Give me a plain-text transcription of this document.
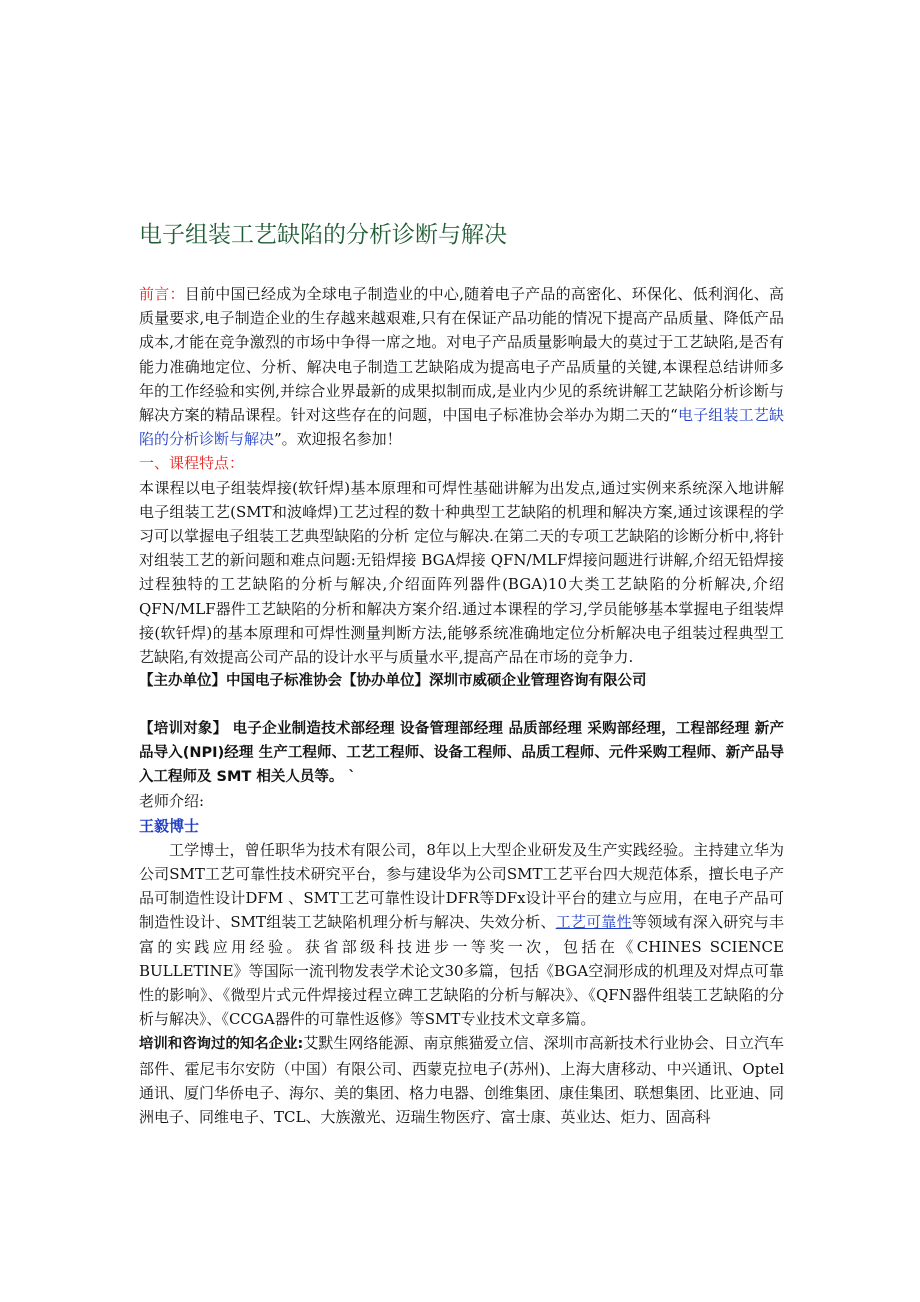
电子组装工艺缺陷的分析诊断与解决

前言：目前中国已经成为全球电子制造业的中心,随着电子产品的高密化、环保化、低利润化、高质量要求,电子制造企业的生存越来越艰难,只有在保证产品功能的情况下提高产品质量、降低产品成本,才能在竞争激烈的市场中争得一席之地。对电子产品质量影响最大的莫过于工艺缺陷,是否有能力准确地定位、分析、解决电子制造工艺缺陷成为提高电子产品质量的关键,本课程总结讲师多年的工作经验和实例,并综合业界最新的成果拟制而成,是业内少见的系统讲解工艺缺陷分析诊断与解决方案的精品课程。针对这些存在的问题，中国电子标准协会举办为期二天的“电子组装工艺缺陷的分析诊断与解决”。欢迎报名参加！

一、课程特点：

本课程以电子组装焊接(软钎焊)基本原理和可焊性基础讲解为出发点,通过实例来系统深入地讲解电子组装工艺(SMT和波峰焊)工艺过程的数十种典型工艺缺陷的机理和解决方案,通过该课程的学习可以掌握电子组装工艺典型缺陷的分析 定位与解决.在第二天的专项工艺缺陷的诊断分析中,将针对组装工艺的新问题和难点问题:无铅焊接 BGA焊接 QFN/MLF焊接问题进行讲解,介绍无铅焊接过程独特的工艺缺陷的分析与解决,介绍面阵列器件(BGA)10大类工艺缺陷的分析解决,介绍QFN/MLF器件工艺缺陷的分析和解决方案介绍.通过本课程的学习,学员能够基本掌握电子组装焊接(软钎焊)的基本原理和可焊性测量判断方法,能够系统准确地定位分析解决电子组装过程典型工艺缺陷,有效提高公司产品的设计水平与质量水平,提高产品在市场的竞争力.

【主办单位】中国电子标准协会【协办单位】深圳市威硕企业管理咨询有限公司

【培训对象】 电子企业制造技术部经理 设备管理部经理 品质部经理 采购部经理，工程部经理 新产品导入(NPI)经理 生产工程师、工艺工程师、设备工程师、品质工程师、元件采购工程师、新产品导入工程师及 SMT 相关人员等。 `

老师介绍:

王毅博士

工学博士，曾任职华为技术有限公司，8年以上大型企业研发及生产实践经验。主持建立华为公司SMT工艺可靠性技术研究平台，参与建设华为公司SMT工艺平台四大规范体系，擅长电子产品可制造性设计DFM 、SMT工艺可靠性设计DFR等DFx设计平台的建立与应用，在电子产品可制造性设计、SMT组装工艺缺陷机理分析与解决、失效分析、工艺可靠性等领域有深入研究与丰富的实践应用经验。获省部级科技进步一等奖一次，包括在《CHINES SCIENCE BULLETINE》等国际一流刊物发表学术论文30多篇，包括《BGA空洞形成的机理及对焊点可靠性的影响》、《微型片式元件焊接过程立碑工艺缺陷的分析与解决》、《QFN器件组装工艺缺陷的分析与解决》、《CCGA器件的可靠性返修》等SMT专业技术文章多篇。

培训和咨询过的知名企业:艾默生网络能源、南京熊猫爱立信、深圳市高新技术行业协会、日立汽车部件、霍尼韦尔安防（中国）有限公司、西蒙克拉电子(苏州)、上海大唐移动、中兴通讯、Optel通讯、厦门华侨电子、海尔、美的集团、格力电器、创维集团、康佳集团、联想集团、比亚迪、同洲电子、同维电子、TCL、大族激光、迈瑞生物医疗、富士康、英业达、炬力、固高科
